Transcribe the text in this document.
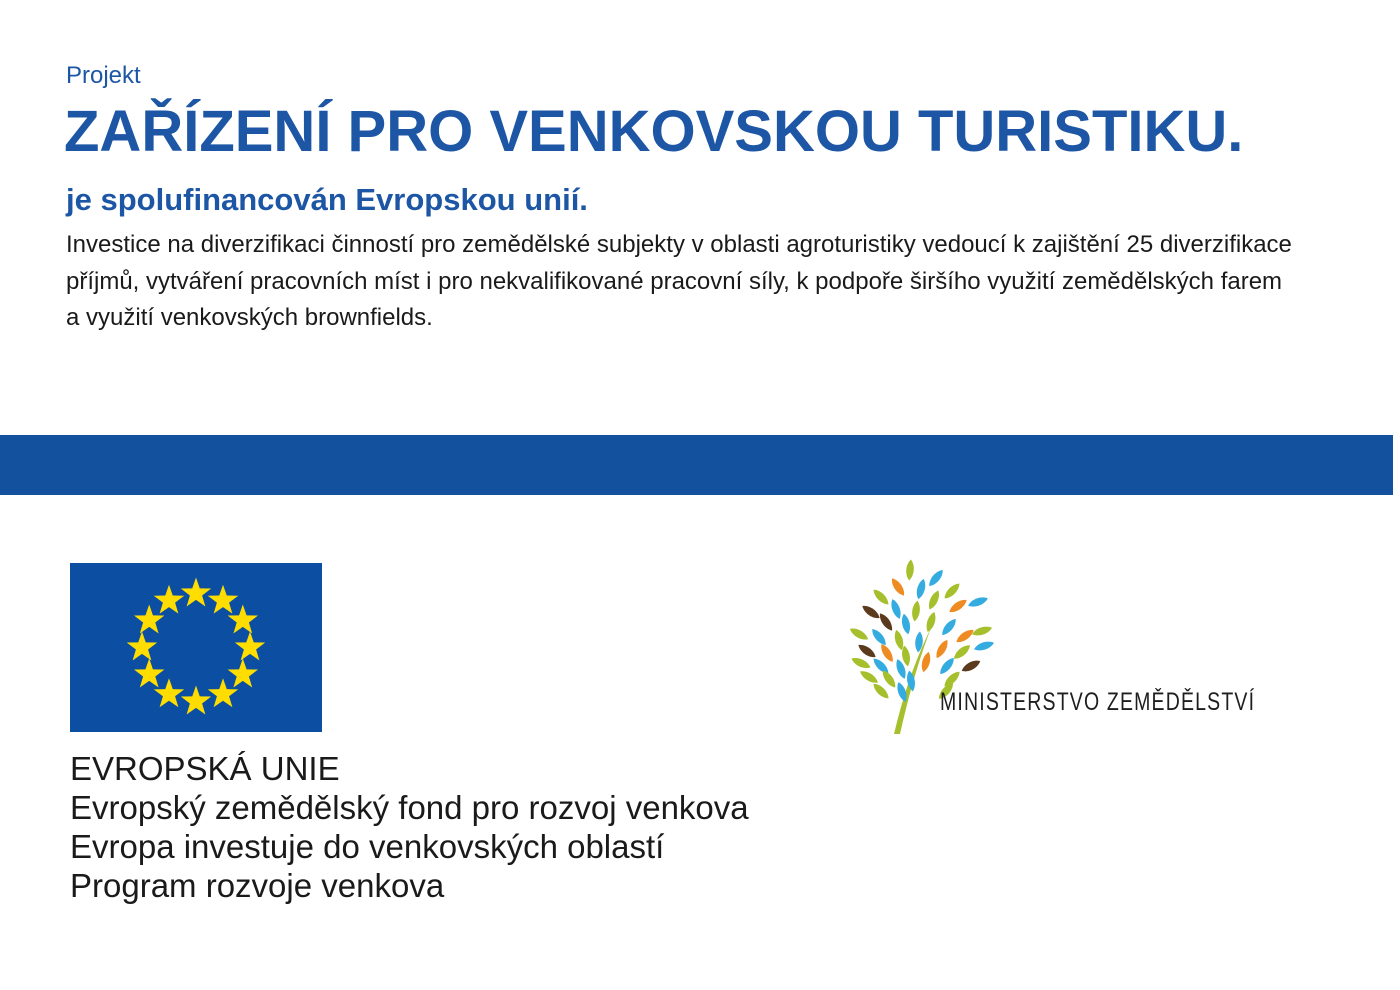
Projekt
ZAŘÍZENÍ PRO VENKOVSKOU TURISTIKU.
je spolufinancován Evropskou unií.
Investice na diverzifikaci činností pro zemědělské subjekty v oblasti agroturistiky vedoucí k zajištění 25 diverzifikace
příjmů, vytváření pracovních míst i pro nekvalifikované pracovní síly, k podpoře širšího využití zemědělských farem
a využití venkovských brownfields.
EVROPSKÁ UNIE
Evropský zemědělský fond pro rozvoj venkova
Evropa investuje do venkovských oblastí
Program rozvoje venkova
MINISTERSTVO ZEMĚDĚLSTVÍ
